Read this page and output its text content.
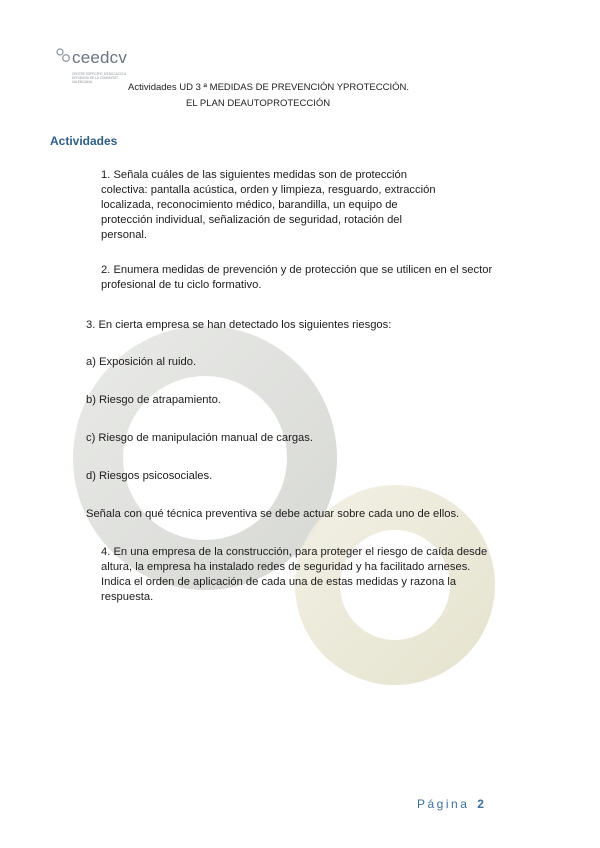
ceedcv
CENTRE ESPECÍFIC D'EDUCACIÓ A DISTÀNCIA DE LA COMUNITAT VALENCIANA	Actividades UD 3 ª MEDIDAS DE PREVENCIÓN YPROTECCIÓN.
EL PLAN DEAUTOPROTECCIÓN
Actividades
1. Señala cuáles de las siguientes medidas son de protección colectiva: pantalla acústica, orden y limpieza, resguardo, extracción localizada, reconocimiento médico, barandilla, un equipo de protección individual, señalización de seguridad, rotación del personal.
2. Enumera medidas de prevención y de protección que se utilicen en el sector profesional de tu ciclo formativo.
3. En cierta empresa se han detectado los siguientes riesgos:
a) Exposición al ruido.
b) Riesgo de atrapamiento.
c) Riesgo de manipulación manual de cargas.
d) Riesgos psicosociales.
Señala con qué técnica preventiva se debe actuar sobre cada uno de ellos.
4. En una empresa de la construcción, para proteger el riesgo de caída desde altura, la empresa ha instalado redes de seguridad y ha facilitado arneses. Indica el orden de aplicación de cada una de estas medidas y razona la respuesta.
Página 2
